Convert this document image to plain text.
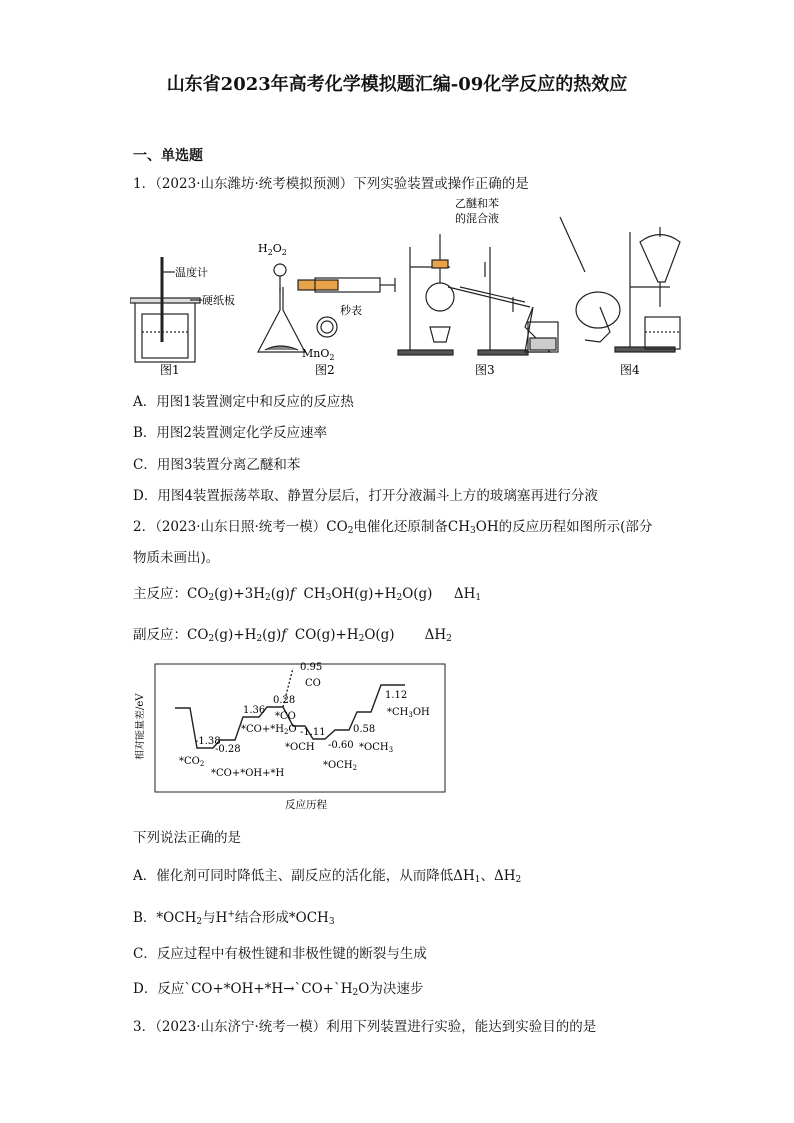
山东省2023年高考化学模拟题汇编-09化学反应的热效应
一、单选题
1．（2023·山东潍坊·统考模拟预测）下列实验装置或操作正确的是
温度计
硬纸板
$H_2O_2$
秒表
MnO$_2$
乙醚和苯
的混合液
图1	图2	图3	图4
A．用图1装置测定中和反应的反应热
B．用图2装置测定化学反应速率
C．用图3装置分离乙醚和苯
D．用图4装置振荡萃取、静置分层后，打开分液漏斗上方的玻璃塞再进行分液
2．（2023·山东日照·统考一模）$CO_2$电催化还原制备$CH_3OH$的反应历程如图所示(部分
物质未画出)。
主反应：$CO_2(g)+3H_2(g)f$  $CH_3OH(g)+H_2O(g)$     $\Delta H_1$
副反应：$CO_2(g)+H_2(g)f$  $CO(g)+H_2O(g)$       $\Delta H_2$
相对能量差/eV
反应历程
-1.38
-0.28
1.36
0.28
0.95
-1.11
-0.60
0.58
1.12
$*CO_2$
*CO+*OH+*H
$*CO+*H_2O$
*CO
CO
*OCH
$*OCH_2$
$*OCH_3$
$*CH_3OH$
下列说法正确的是
A．催化剂可同时降低主、副反应的活化能，从而降低$\Delta H_1$、$\Delta H_2$
B．$*OCH_2$与H+结合形成$*OCH_3$
C．反应过程中有极性键和非极性键的断裂与生成
D．反应$`CO+*OH+*H\to`CO+`H_2O$为决速步
3．（2023·山东济宁·统考一模）利用下列装置进行实验，能达到实验目的的是
